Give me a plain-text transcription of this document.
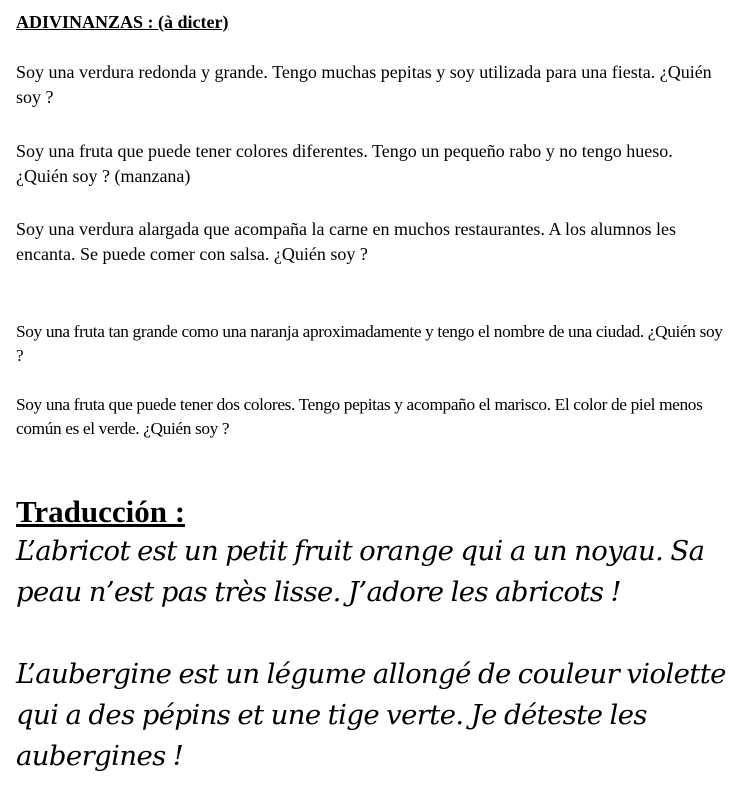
ADIVINANZAS : (à dicter)

Soy una verdura redonda y grande. Tengo muchas pepitas y soy utilizada para una fiesta. ¿Quién soy ?

Soy una fruta que puede tener colores diferentes. Tengo un pequeño rabo y no tengo hueso. ¿Quién soy ? (manzana)

Soy una verdura alargada que acompaña la carne en muchos restaurantes. A los alumnos les encanta. Se puede comer con salsa. ¿Quién soy ?

Soy una fruta tan grande como una naranja aproximadamente y tengo el nombre de una ciudad. ¿Quién soy ?

Soy una fruta que puede tener dos colores. Tengo pepitas y acompaño el marisco. El color de piel menos común es el verde. ¿Quién soy ?

Traducción :

L’abricot est un petit fruit orange qui a un noyau. Sa peau n’est pas très lisse. J’adore les abricots !

L’aubergine est un légume allongé de couleur violette qui a des pépins et une tige verte. Je déteste les aubergines !
